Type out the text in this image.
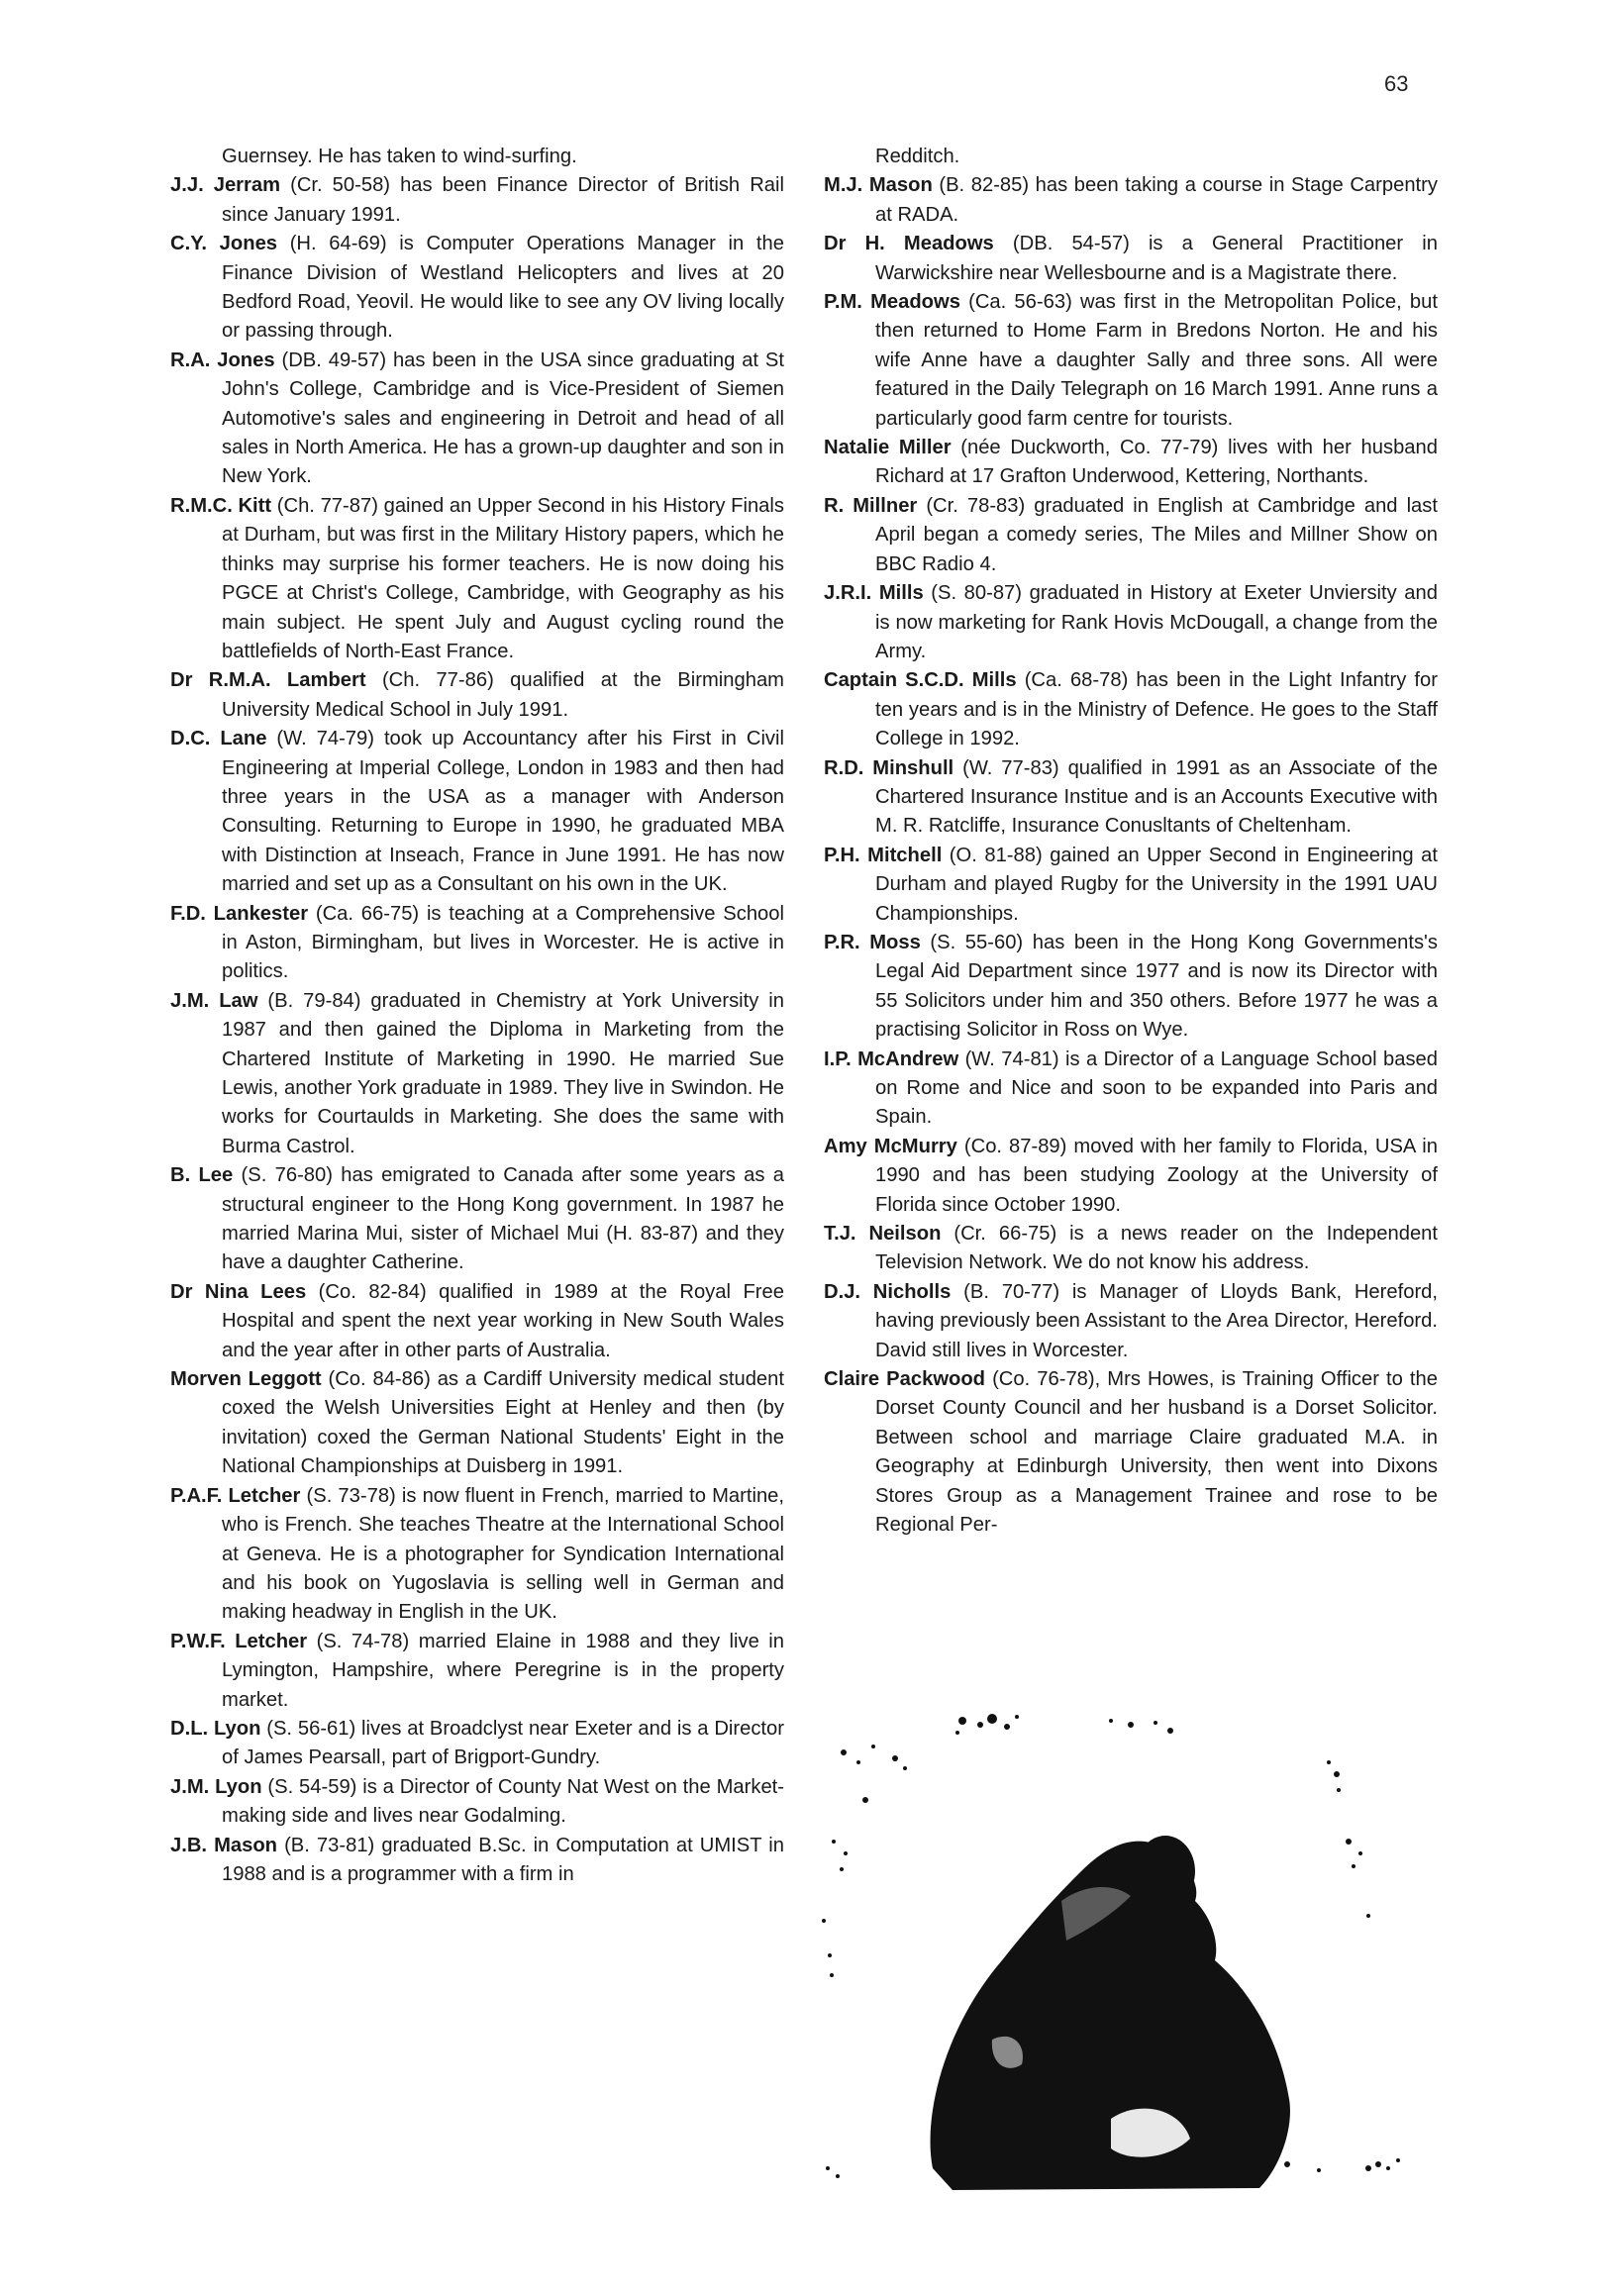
63

Guernsey. He has taken to wind-surfing.

J.J. Jerram (Cr. 50-58) has been Finance Director of British Rail since January 1991.

C.Y. Jones (H. 64-69) is Computer Operations Manager in the Finance Division of Westland Helicopters and lives at 20 Bedford Road, Yeovil. He would like to see any OV living locally or passing through.

R.A. Jones (DB. 49-57) has been in the USA since graduating at St John's College, Cambridge and is Vice-President of Siemen Automotive's sales and engineering in Detroit and head of all sales in North America. He has a grown-up daughter and son in New York.

R.M.C. Kitt (Ch. 77-87) gained an Upper Second in his History Finals at Durham, but was first in the Military History papers, which he thinks may surprise his former teachers. He is now doing his PGCE at Christ's College, Cambridge, with Geography as his main subject. He spent July and August cycling round the battlefields of North-East France.

Dr R.M.A. Lambert (Ch. 77-86) qualified at the Birmingham University Medical School in July 1991.

D.C. Lane (W. 74-79) took up Accountancy after his First in Civil Engineering at Imperial College, London in 1983 and then had three years in the USA as a manager with Anderson Consulting. Returning to Europe in 1990, he graduated MBA with Distinction at Inseach, France in June 1991. He has now married and set up as a Consultant on his own in the UK.

F.D. Lankester (Ca. 66-75) is teaching at a Comprehensive School in Aston, Birmingham, but lives in Worcester. He is active in politics.

J.M. Law (B. 79-84) graduated in Chemistry at York University in 1987 and then gained the Diploma in Marketing from the Chartered Institute of Marketing in 1990. He married Sue Lewis, another York graduate in 1989. They live in Swindon. He works for Courtaulds in Marketing. She does the same with Burma Castrol.

B. Lee (S. 76-80) has emigrated to Canada after some years as a structural engineer to the Hong Kong government. In 1987 he married Marina Mui, sister of Michael Mui (H. 83-87) and they have a daughter Catherine.

Dr Nina Lees (Co. 82-84) qualified in 1989 at the Royal Free Hospital and spent the next year working in New South Wales and the year after in other parts of Australia.

Morven Leggott (Co. 84-86) as a Cardiff University medical student coxed the Welsh Universities Eight at Henley and then (by invitation) coxed the German National Students' Eight in the National Championships at Duisberg in 1991.

P.A.F. Letcher (S. 73-78) is now fluent in French, married to Martine, who is French. She teaches Theatre at the International School at Geneva. He is a photographer for Syndication International and his book on Yugoslavia is selling well in German and making headway in English in the UK.

P.W.F. Letcher (S. 74-78) married Elaine in 1988 and they live in Lymington, Hampshire, where Peregrine is in the property market.

D.L. Lyon (S. 56-61) lives at Broadclyst near Exeter and is a Director of James Pearsall, part of Brigport-Gundry.

J.M. Lyon (S. 54-59) is a Director of County Nat West on the Market-making side and lives near Godalming.

J.B. Mason (B. 73-81) graduated B.Sc. in Computation at UMIST in 1988 and is a programmer with a firm in

Redditch.

M.J. Mason (B. 82-85) has been taking a course in Stage Carpentry at RADA.

Dr H. Meadows (DB. 54-57) is a General Practitioner in Warwickshire near Wellesbourne and is a Magistrate there.

P.M. Meadows (Ca. 56-63) was first in the Metropolitan Police, but then returned to Home Farm in Bredons Norton. He and his wife Anne have a daughter Sally and three sons. All were featured in the Daily Telegraph on 16 March 1991. Anne runs a particularly good farm centre for tourists.

Natalie Miller (née Duckworth, Co. 77-79) lives with her husband Richard at 17 Grafton Underwood, Kettering, Northants.

R. Millner (Cr. 78-83) graduated in English at Cambridge and last April began a comedy series, The Miles and Millner Show on BBC Radio 4.

J.R.I. Mills (S. 80-87) graduated in History at Exeter Unviersity and is now marketing for Rank Hovis McDougall, a change from the Army.

Captain S.C.D. Mills (Ca. 68-78) has been in the Light Infantry for ten years and is in the Ministry of Defence. He goes to the Staff College in 1992.

R.D. Minshull (W. 77-83) qualified in 1991 as an Associate of the Chartered Insurance Institue and is an Accounts Executive with M. R. Ratcliffe, Insurance Conusltants of Cheltenham.

P.H. Mitchell (O. 81-88) gained an Upper Second in Engineering at Durham and played Rugby for the University in the 1991 UAU Championships.

P.R. Moss (S. 55-60) has been in the Hong Kong Governments's Legal Aid Department since 1977 and is now its Director with 55 Solicitors under him and 350 others. Before 1977 he was a practising Solicitor in Ross on Wye.

I.P. McAndrew (W. 74-81) is a Director of a Language School based on Rome and Nice and soon to be expanded into Paris and Spain.

Amy McMurry (Co. 87-89) moved with her family to Florida, USA in 1990 and has been studying Zoology at the University of Florida since October 1990.

T.J. Neilson (Cr. 66-75) is a news reader on the Independent Television Network. We do not know his address.

D.J. Nicholls (B. 70-77) is Manager of Lloyds Bank, Hereford, having previously been Assistant to the Area Director, Hereford. David still lives in Worcester.

Claire Packwood (Co. 76-78), Mrs Howes, is Training Officer to the Dorset County Council and her husband is a Dorset Solicitor. Between school and marriage Claire graduated M.A. in Geography at Edinburgh University, then went into Dixons Stores Group as a Management Trainee and rose to be Regional Per-
